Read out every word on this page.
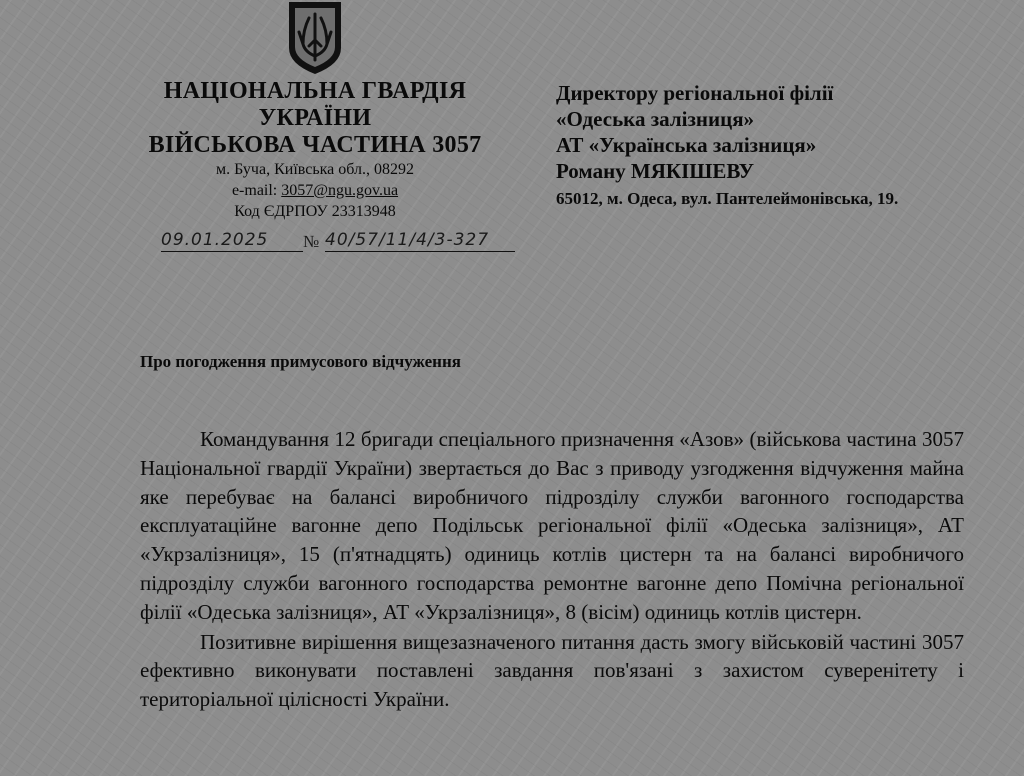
НАЦІОНАЛЬНА ГВАРДІЯ
УКРАЇНИ
ВІЙСЬКОВА ЧАСТИНА 3057
м. Буча, Київська обл., 08292
e-mail: 3057@ngu.gov.ua
Код ЄДРПОУ 23313948
09.01.2025	№ 40/57/11/4/3-327
Директору регіональної філії
«Одеська залізниця»
АТ «Українська залізниця»
Роману МЯКІШЕВУ
65012, м. Одеса, вул. Пантелеймонівська, 19.
Про погодження примусового відчуження

Командування 12 бригади спеціального призначення «Азов» (військова частина 3057 Національної гвардії України) звертається до Вас з приводу узгодження відчуження майна яке перебуває на балансі виробничого підрозділу служби вагонного господарства експлуатаційне вагонне депо Подільськ регіональної філії «Одеська залізниця», АТ «Укрзалізниця», 15 (п'ятнадцять) одиниць котлів цистерн та на балансі виробничого підрозділу служби вагонного господарства ремонтне вагонне депо Помічна регіональної філії «Одеська залізниця», АТ «Укрзалізниця», 8 (вісім) одиниць котлів цистерн.

Позитивне вирішення вищезазначеного питання дасть змогу військовій частині 3057 ефективно виконувати поставлені завдання пов'язані з захистом суверенітету і територіальної цілісності України.
